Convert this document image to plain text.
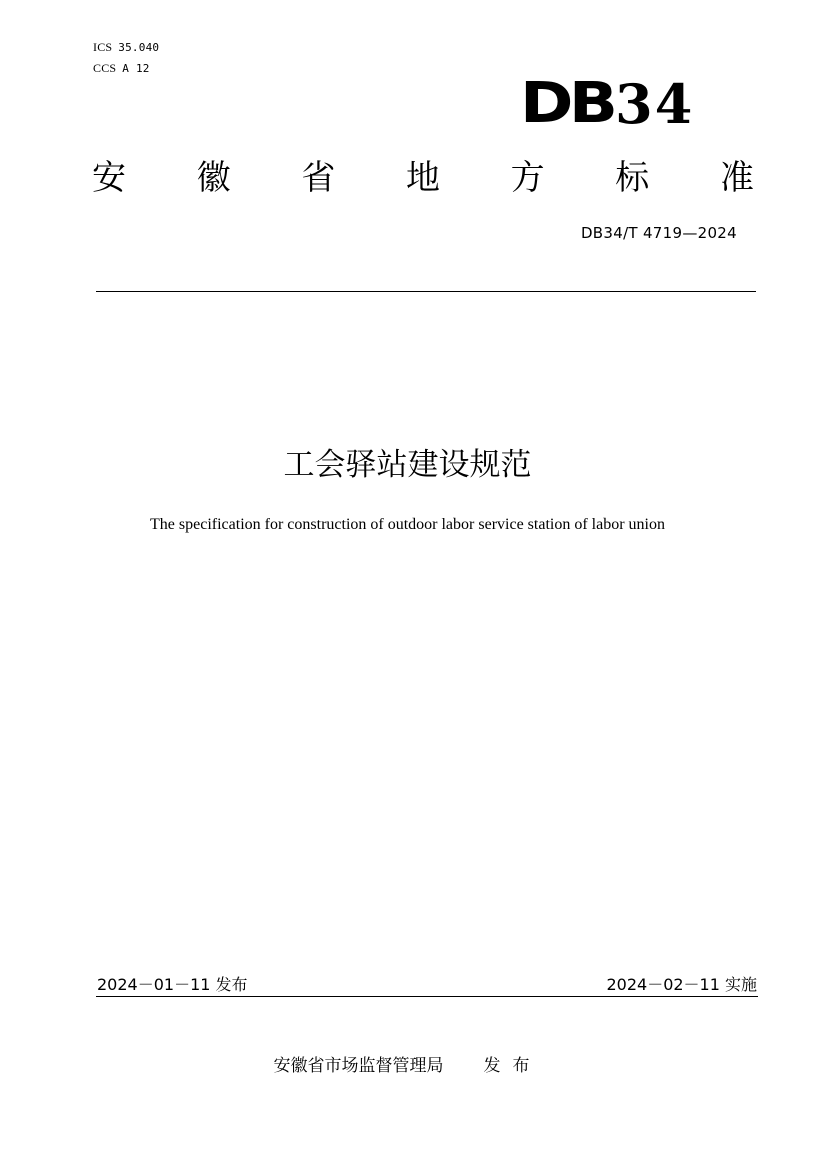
ICS 35.040
CCS A 12
DB 34
安 徽 省 地 方 标 准
DB34/T 4719—2024
工会驿站建设规范
The specification for construction of outdoor labor service station of labor union
2024－01－11 发布	2024－02－11 实施
安徽省市场监督管理局 发布
